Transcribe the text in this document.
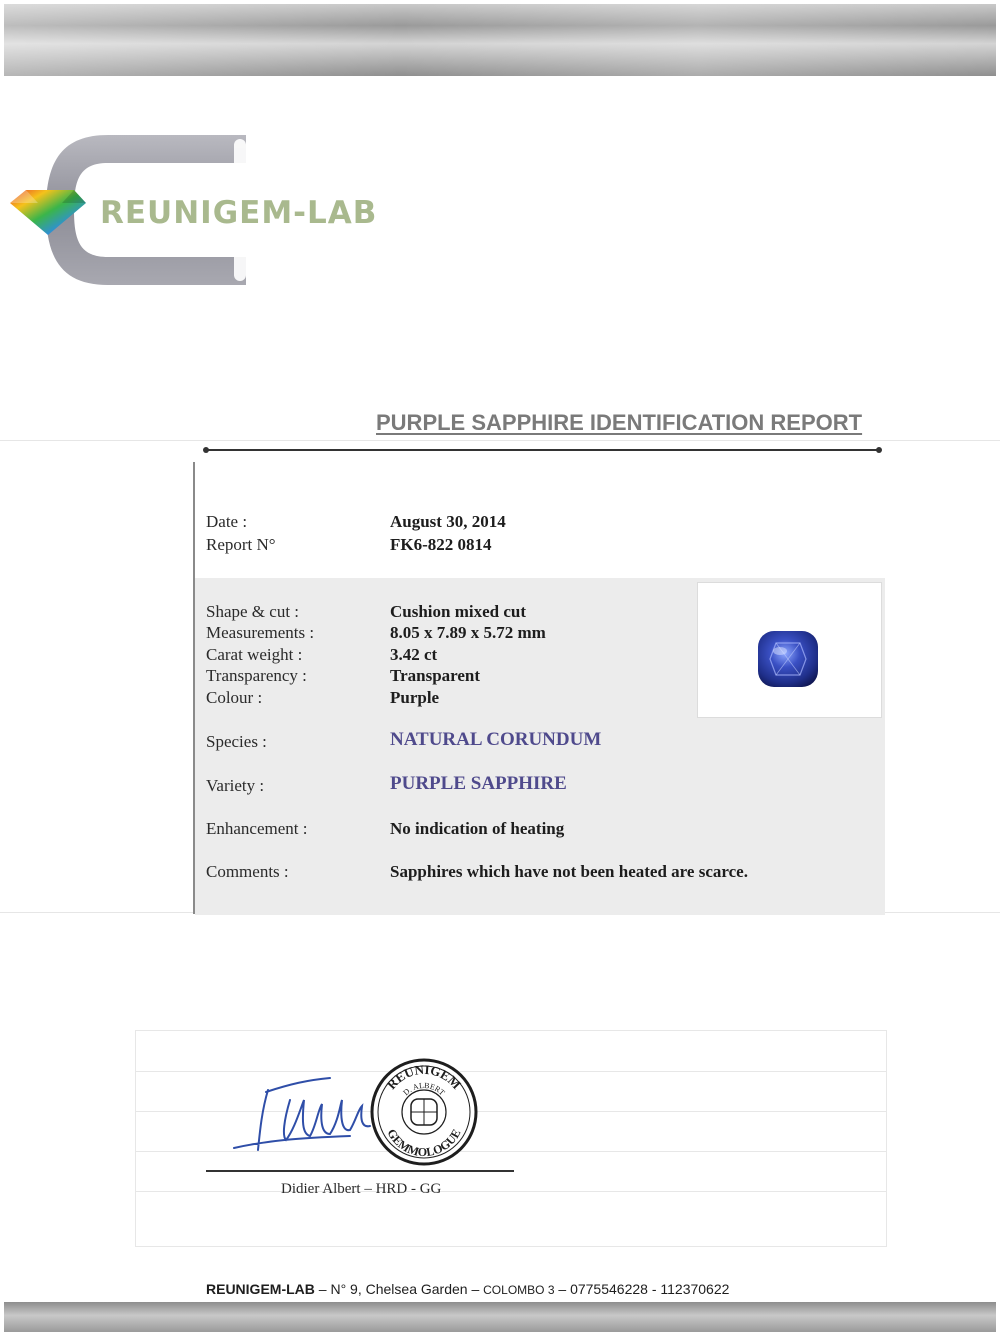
REUNIGEM-LAB
PURPLE SAPPHIRE IDENTIFICATION REPORT
Date :	August 30, 2014
Report N°	FK6-822 0814
Shape & cut :	Cushion mixed cut
Measurements :	8.05 x 7.89 x 5.72 mm
Carat weight :	3.42 ct
Transparency :	Transparent
Colour :	Purple
Species :	NATURAL CORUNDUM
Variety :	PURPLE SAPPHIRE
Enhancement :	No indication of heating
Comments :	Sapphires which have not been heated are scarce.
REUNIGEM
D. ALBERT
GEMMOLOGUE
Didier Albert – HRD - GG
REUNIGEM-LAB – N° 9, Chelsea Garden – COLOMBO 3 – 0775546228 - 112370622
